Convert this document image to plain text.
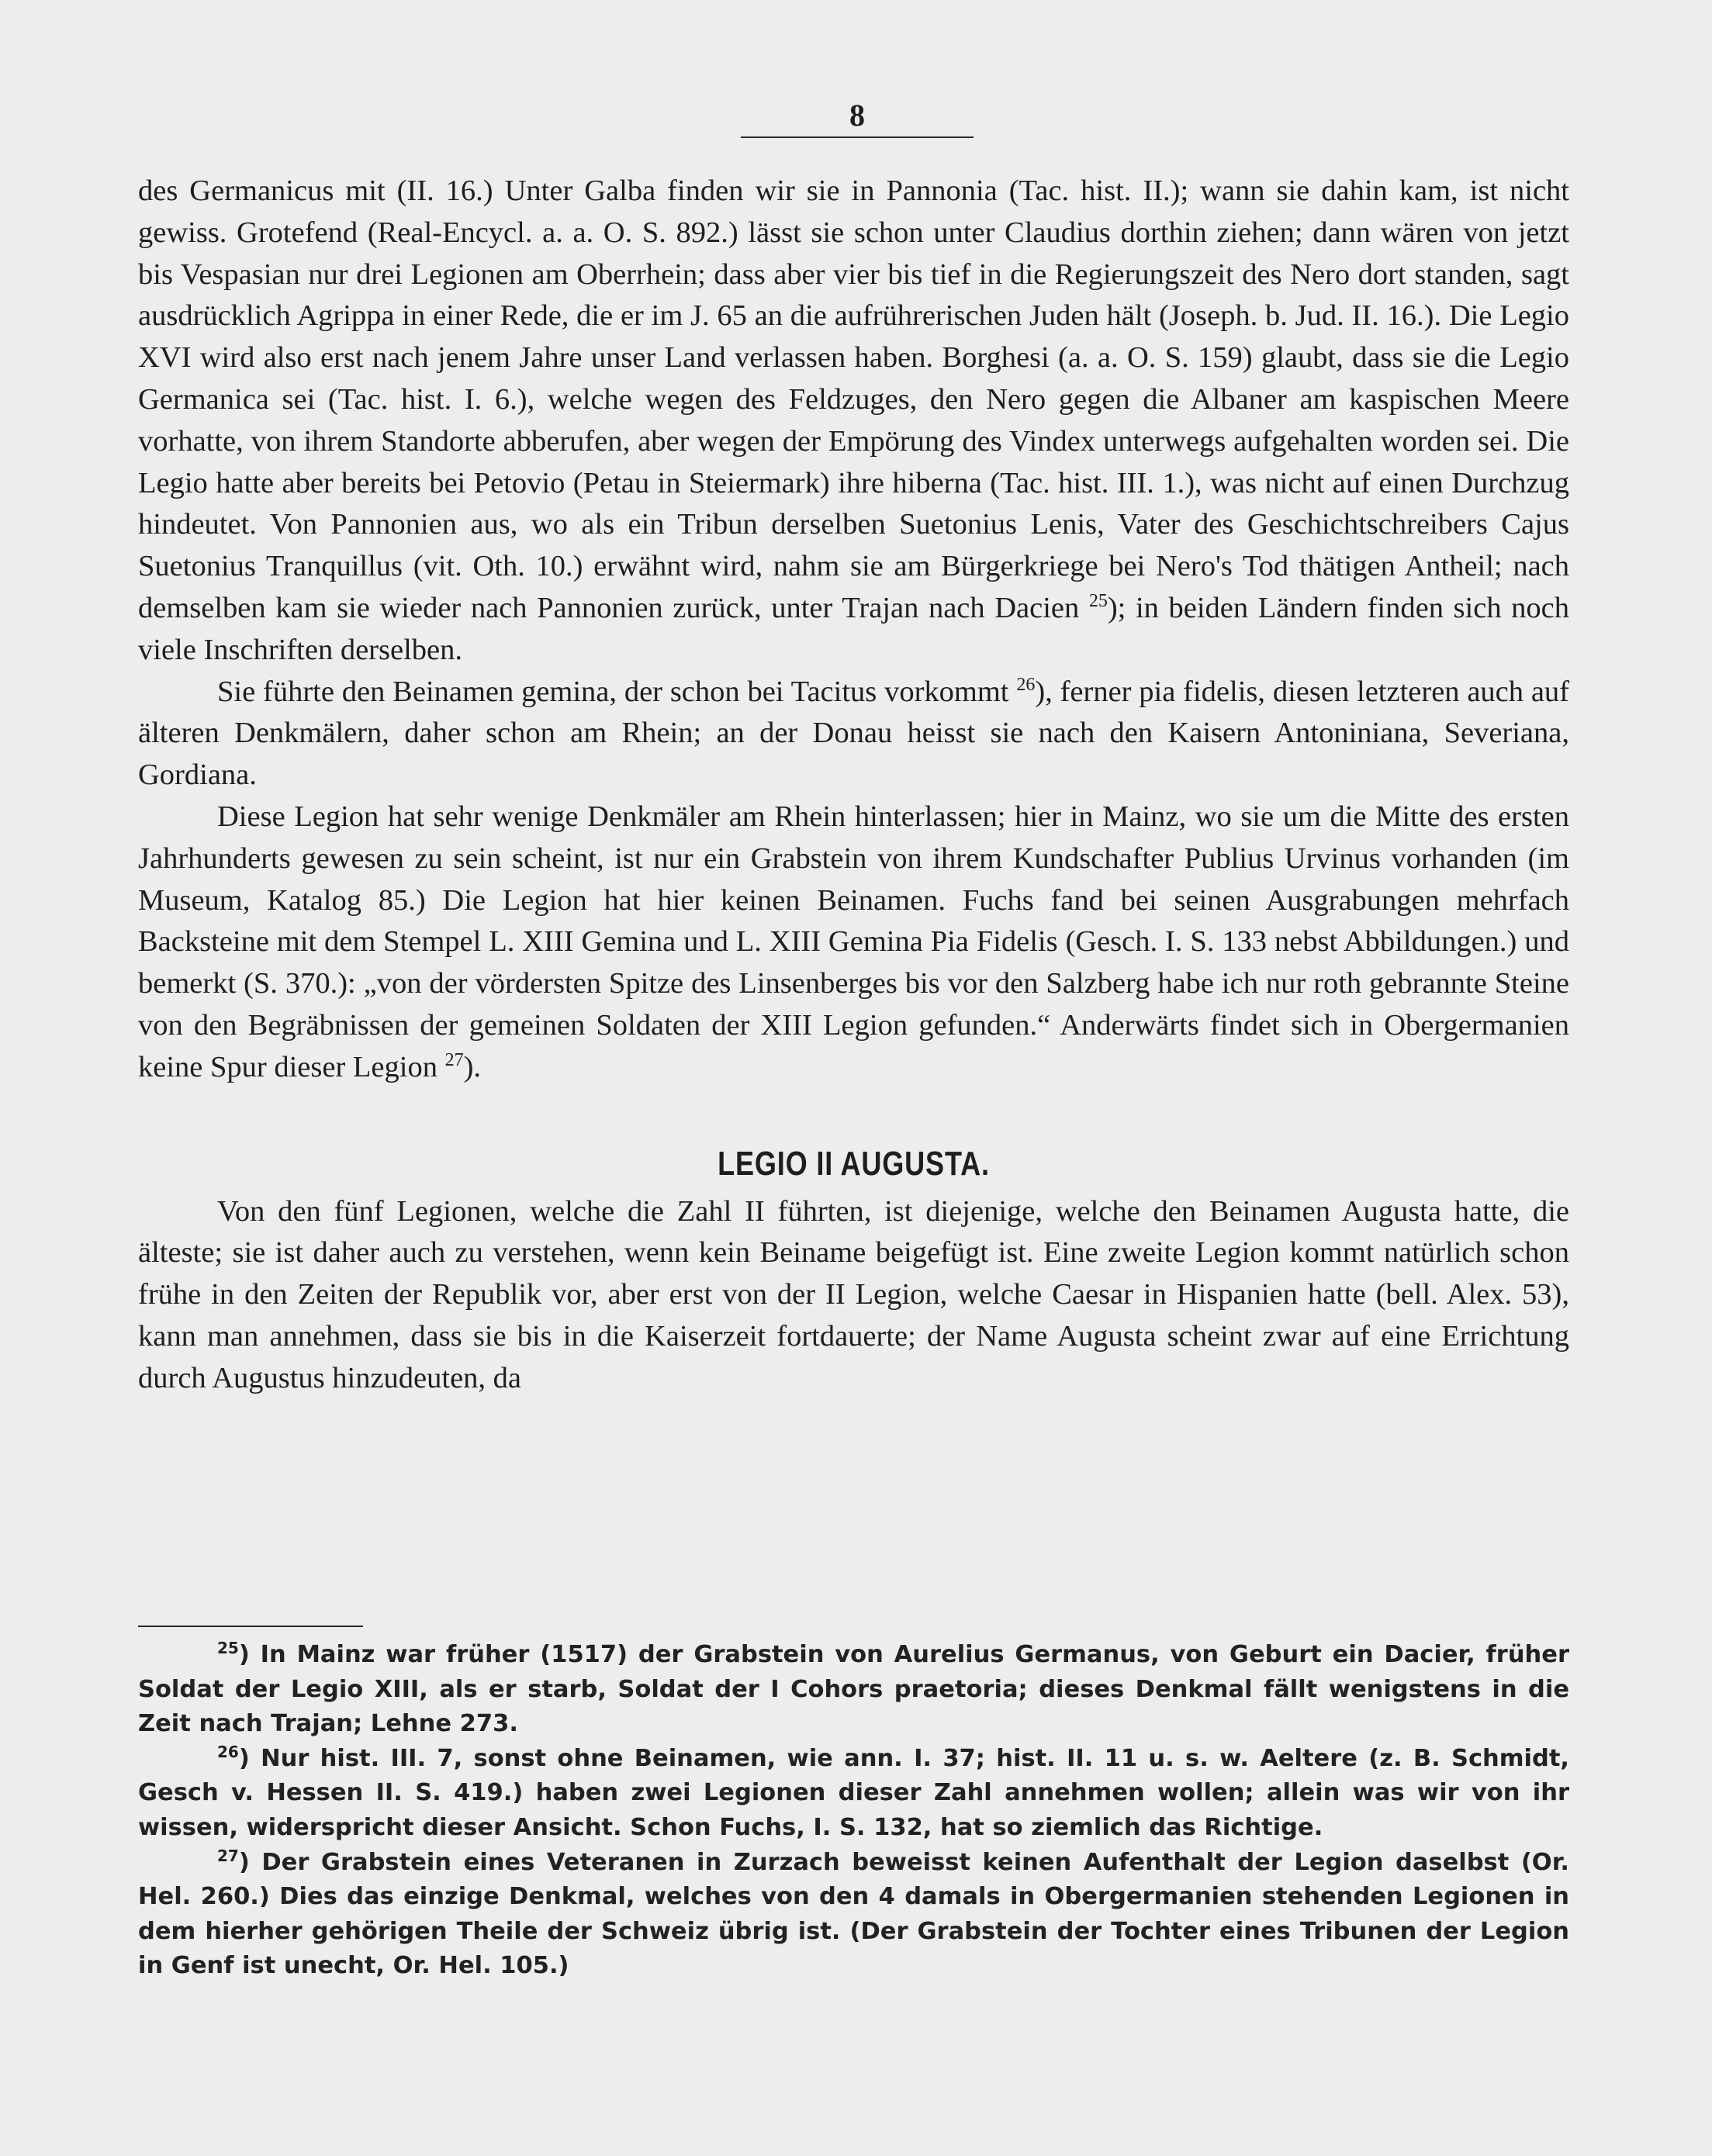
8

des Germanicus mit (II. 16.) Unter Galba finden wir sie in Pannonia (Tac. hist. II.); wann sie dahin kam, ist nicht gewiss. Grotefend (Real-Encycl. a. a. O. S. 892.) lässt sie schon unter Claudius dorthin ziehen; dann wären von jetzt bis Vespasian nur drei Legionen am Oberrhein; dass aber vier bis tief in die Regierungszeit des Nero dort standen, sagt ausdrücklich Agrippa in einer Rede, die er im J. 65 an die aufrührerischen Juden hält (Joseph. b. Jud. II. 16.). Die Legio XVI wird also erst nach jenem Jahre unser Land verlassen haben. Borghesi (a. a. O. S. 159) glaubt, dass sie die Legio Germanica sei (Tac. hist. I. 6.), welche wegen des Feldzuges, den Nero gegen die Albaner am kaspischen Meere vorhatte, von ihrem Standorte abberufen, aber wegen der Empörung des Vindex unterwegs aufgehalten worden sei. Die Legio hatte aber bereits bei Petovio (Petau in Steiermark) ihre hiberna (Tac. hist. III. 1.), was nicht auf einen Durchzug hindeutet. Von Pannonien aus, wo als ein Tribun derselben Suetonius Lenis, Vater des Geschichtschreibers Cajus Suetonius Tranquillus (vit. Oth. 10.) erwähnt wird, nahm sie am Bürgerkriege bei Nero's Tod thätigen Antheil; nach demselben kam sie wieder nach Pannonien zurück, unter Trajan nach Dacien $^{25}$); in beiden Ländern finden sich noch viele Inschriften derselben.

Sie führte den Beinamen gemina, der schon bei Tacitus vorkommt $^{26}$), ferner pia fidelis, diesen letzteren auch auf älteren Denkmälern, daher schon am Rhein; an der Donau heisst sie nach den Kaisern Antoniniana, Severiana, Gordiana.

Diese Legion hat sehr wenige Denkmäler am Rhein hinterlassen; hier in Mainz, wo sie um die Mitte des ersten Jahrhunderts gewesen zu sein scheint, ist nur ein Grabstein von ihrem Kundschafter Publius Urvinus vorhanden (im Museum, Katalog 85.) Die Legion hat hier keinen Beinamen. Fuchs fand bei seinen Ausgrabungen mehrfach Backsteine mit dem Stempel L. XIII Gemina und L. XIII Gemina Pia Fidelis (Gesch. I. S. 133 nebst Abbildungen.) und bemerkt (S. 370.): „von der vördersten Spitze des Linsenberges bis vor den Salzberg habe ich nur roth gebrannte Steine von den Begräbnissen der gemeinen Soldaten der XIII Legion gefunden.“ Anderwärts findet sich in Obergermanien keine Spur dieser Legion $^{27}$).

LEGIO II AUGUSTA.

Von den fünf Legionen, welche die Zahl II führten, ist diejenige, welche den Beinamen Augusta hatte, die älteste; sie ist daher auch zu verstehen, wenn kein Beiname beigefügt ist. Eine zweite Legion kommt natürlich schon frühe in den Zeiten der Republik vor, aber erst von der II Legion, welche Caesar in Hispanien hatte (bell. Alex. 53), kann man annehmen, dass sie bis in die Kaiserzeit fortdauerte; der Name Augusta scheint zwar auf eine Errichtung durch Augustus hinzudeuten, da

$^{25}$) In Mainz war früher (1517) der Grabstein von Aurelius Germanus, von Geburt ein Dacier, früher Soldat der Legio XIII, als er starb, Soldat der I Cohors praetoria; dieses Denkmal fällt wenigstens in die Zeit nach Trajan; Lehne 273.

$^{26}$) Nur hist. III. 7, sonst ohne Beinamen, wie ann. I. 37; hist. II. 11 u. s. w. Aeltere (z. B. Schmidt, Gesch v. Hessen II. S. 419.) haben zwei Legionen dieser Zahl annehmen wollen; allein was wir von ihr wissen, widerspricht dieser Ansicht. Schon Fuchs, I. S. 132, hat so ziemlich das Richtige.

$^{27}$) Der Grabstein eines Veteranen in Zurzach beweisst keinen Aufenthalt der Legion daselbst (Or. Hel. 260.) Dies das einzige Denkmal, welches von den 4 damals in Obergermanien stehenden Legionen in dem hierher gehörigen Theile der Schweiz übrig ist. (Der Grabstein der Tochter eines Tribunen der Legion in Genf ist unecht, Or. Hel. 105.)
